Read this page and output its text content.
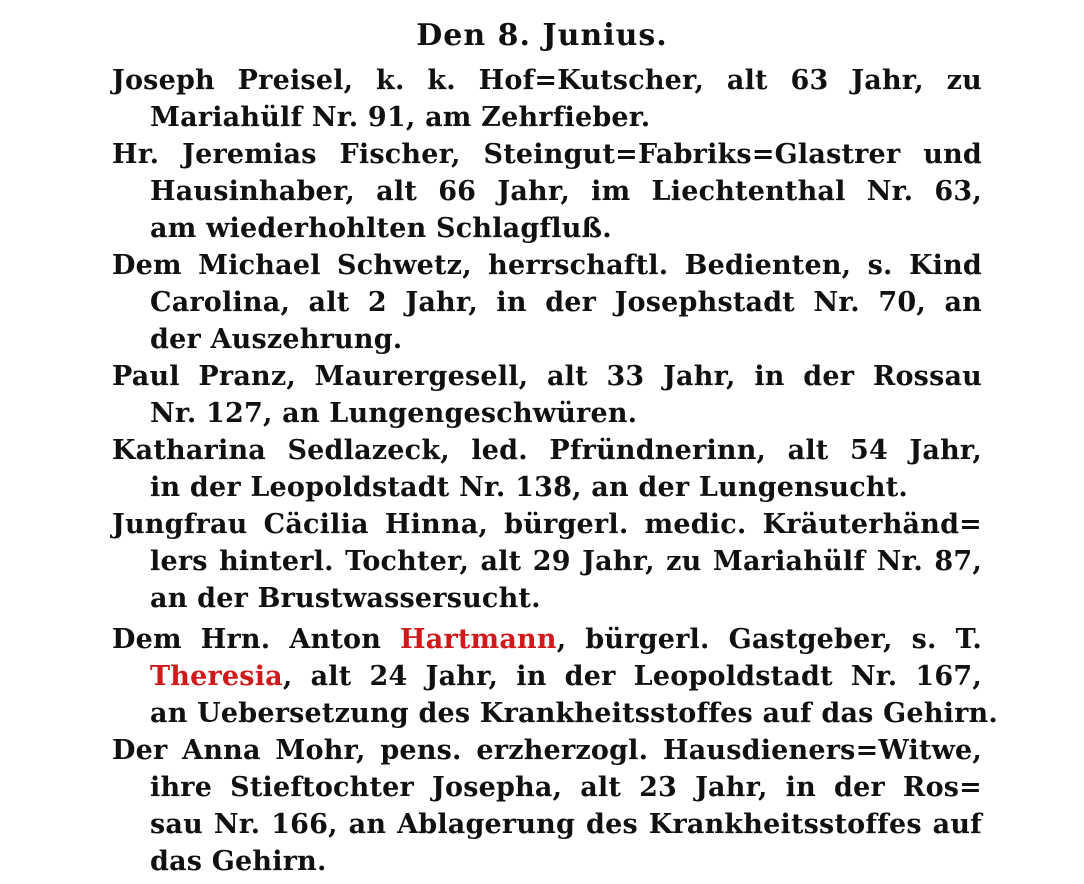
Den 8. Junius.
Joseph Preisel, k. k. Hof=Kutscher, alt 63 Jahr, zu
Mariahülf Nr. 91, am Zehrfieber.
Hr. Jeremias Fischer, Steingut=Fabriks=Glastrer und
Hausinhaber, alt 66 Jahr, im Liechtenthal Nr. 63,
am wiederhohlten Schlagfluß.
Dem Michael Schwetz, herrschaftl. Bedienten, s. Kind
Carolina, alt 2 Jahr, in der Josephstadt Nr. 70, an
der Auszehrung.
Paul Pranz, Maurergesell, alt 33 Jahr, in der Rossau
Nr. 127, an Lungengeschwüren.
Katharina Sedlazeck, led. Pfründnerinn, alt 54 Jahr,
in der Leopoldstadt Nr. 138, an der Lungensucht.
Jungfrau Cäcilia Hinna, bürgerl. medic. Kräuterhänd=
lers hinterl. Tochter, alt 29 Jahr, zu Mariahülf Nr. 87,
an der Brustwassersucht.
Dem Hrn. Anton Hartmann, bürgerl. Gastgeber, s. T.
Theresia, alt 24 Jahr, in der Leopoldstadt Nr. 167,
an Uebersetzung des Krankheitsstoffes auf das Gehirn.
Der Anna Mohr, pens. erzherzogl. Hausdieners=Witwe,
ihre Stieftochter Josepha, alt 23 Jahr, in der Ros=
sau Nr. 166, an Ablagerung des Krankheitsstoffes auf
das Gehirn.
